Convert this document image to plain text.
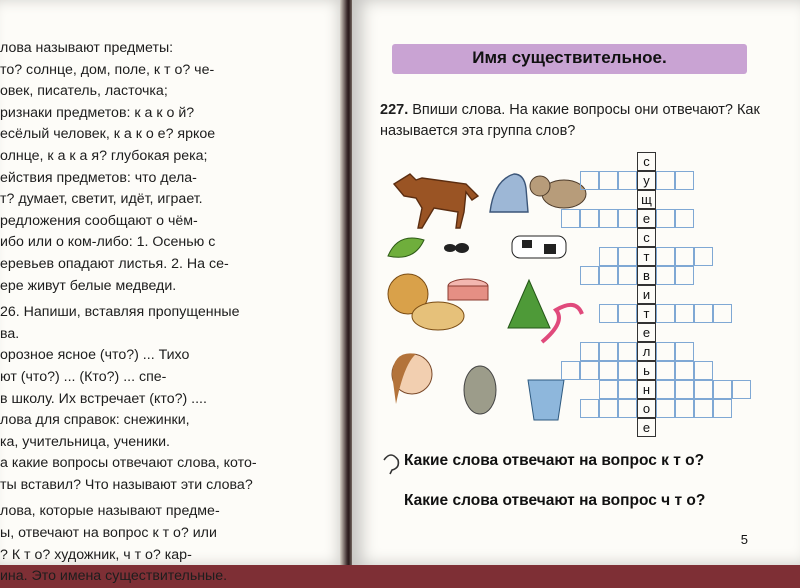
лова называют предметы:

то? солнце, дом, поле, к т о? че-

овек, писатель, ласточка;

ризнаки предметов: к а к о й?

есёлый человек, к а к о е? яркое

олнце, к а к а я? глубокая река;

ействия предметов: что дела-

т? думает, светит, идёт, играет.

редложения сообщают о чём-

ибо или о ком-либо: 1. Осенью с

еревьев опадают листья. 2. На се-

ере живут белые медведи.

26. Напиши, вставляя пропущенные

ва.

орозное ясное (что?) ... Тихо

ют (что?) ... (Кто?) ... спе-

в школу. Их встречает (кто?) ....

лова для справок: снежинки,

ка, учительница, ученики.

а какие вопросы отвечают слова, кото-

ты вставил? Что называют эти слова?

лова, которые называют предме-

ы, отвечают на вопрос к т о? или

? К т о? художник, ч т о? кар-

ина. Это имена существительные.

Имя существительное.

227. Впиши слова. На какие вопросы они отвечают? Как называется эта группа слов?

Какие слова отвечают на вопрос к т о?
Какие слова отвечают на вопрос ч т о?
5
с
у
щ
е
с
т
в
и
т
е
л
ь
н
о
е
